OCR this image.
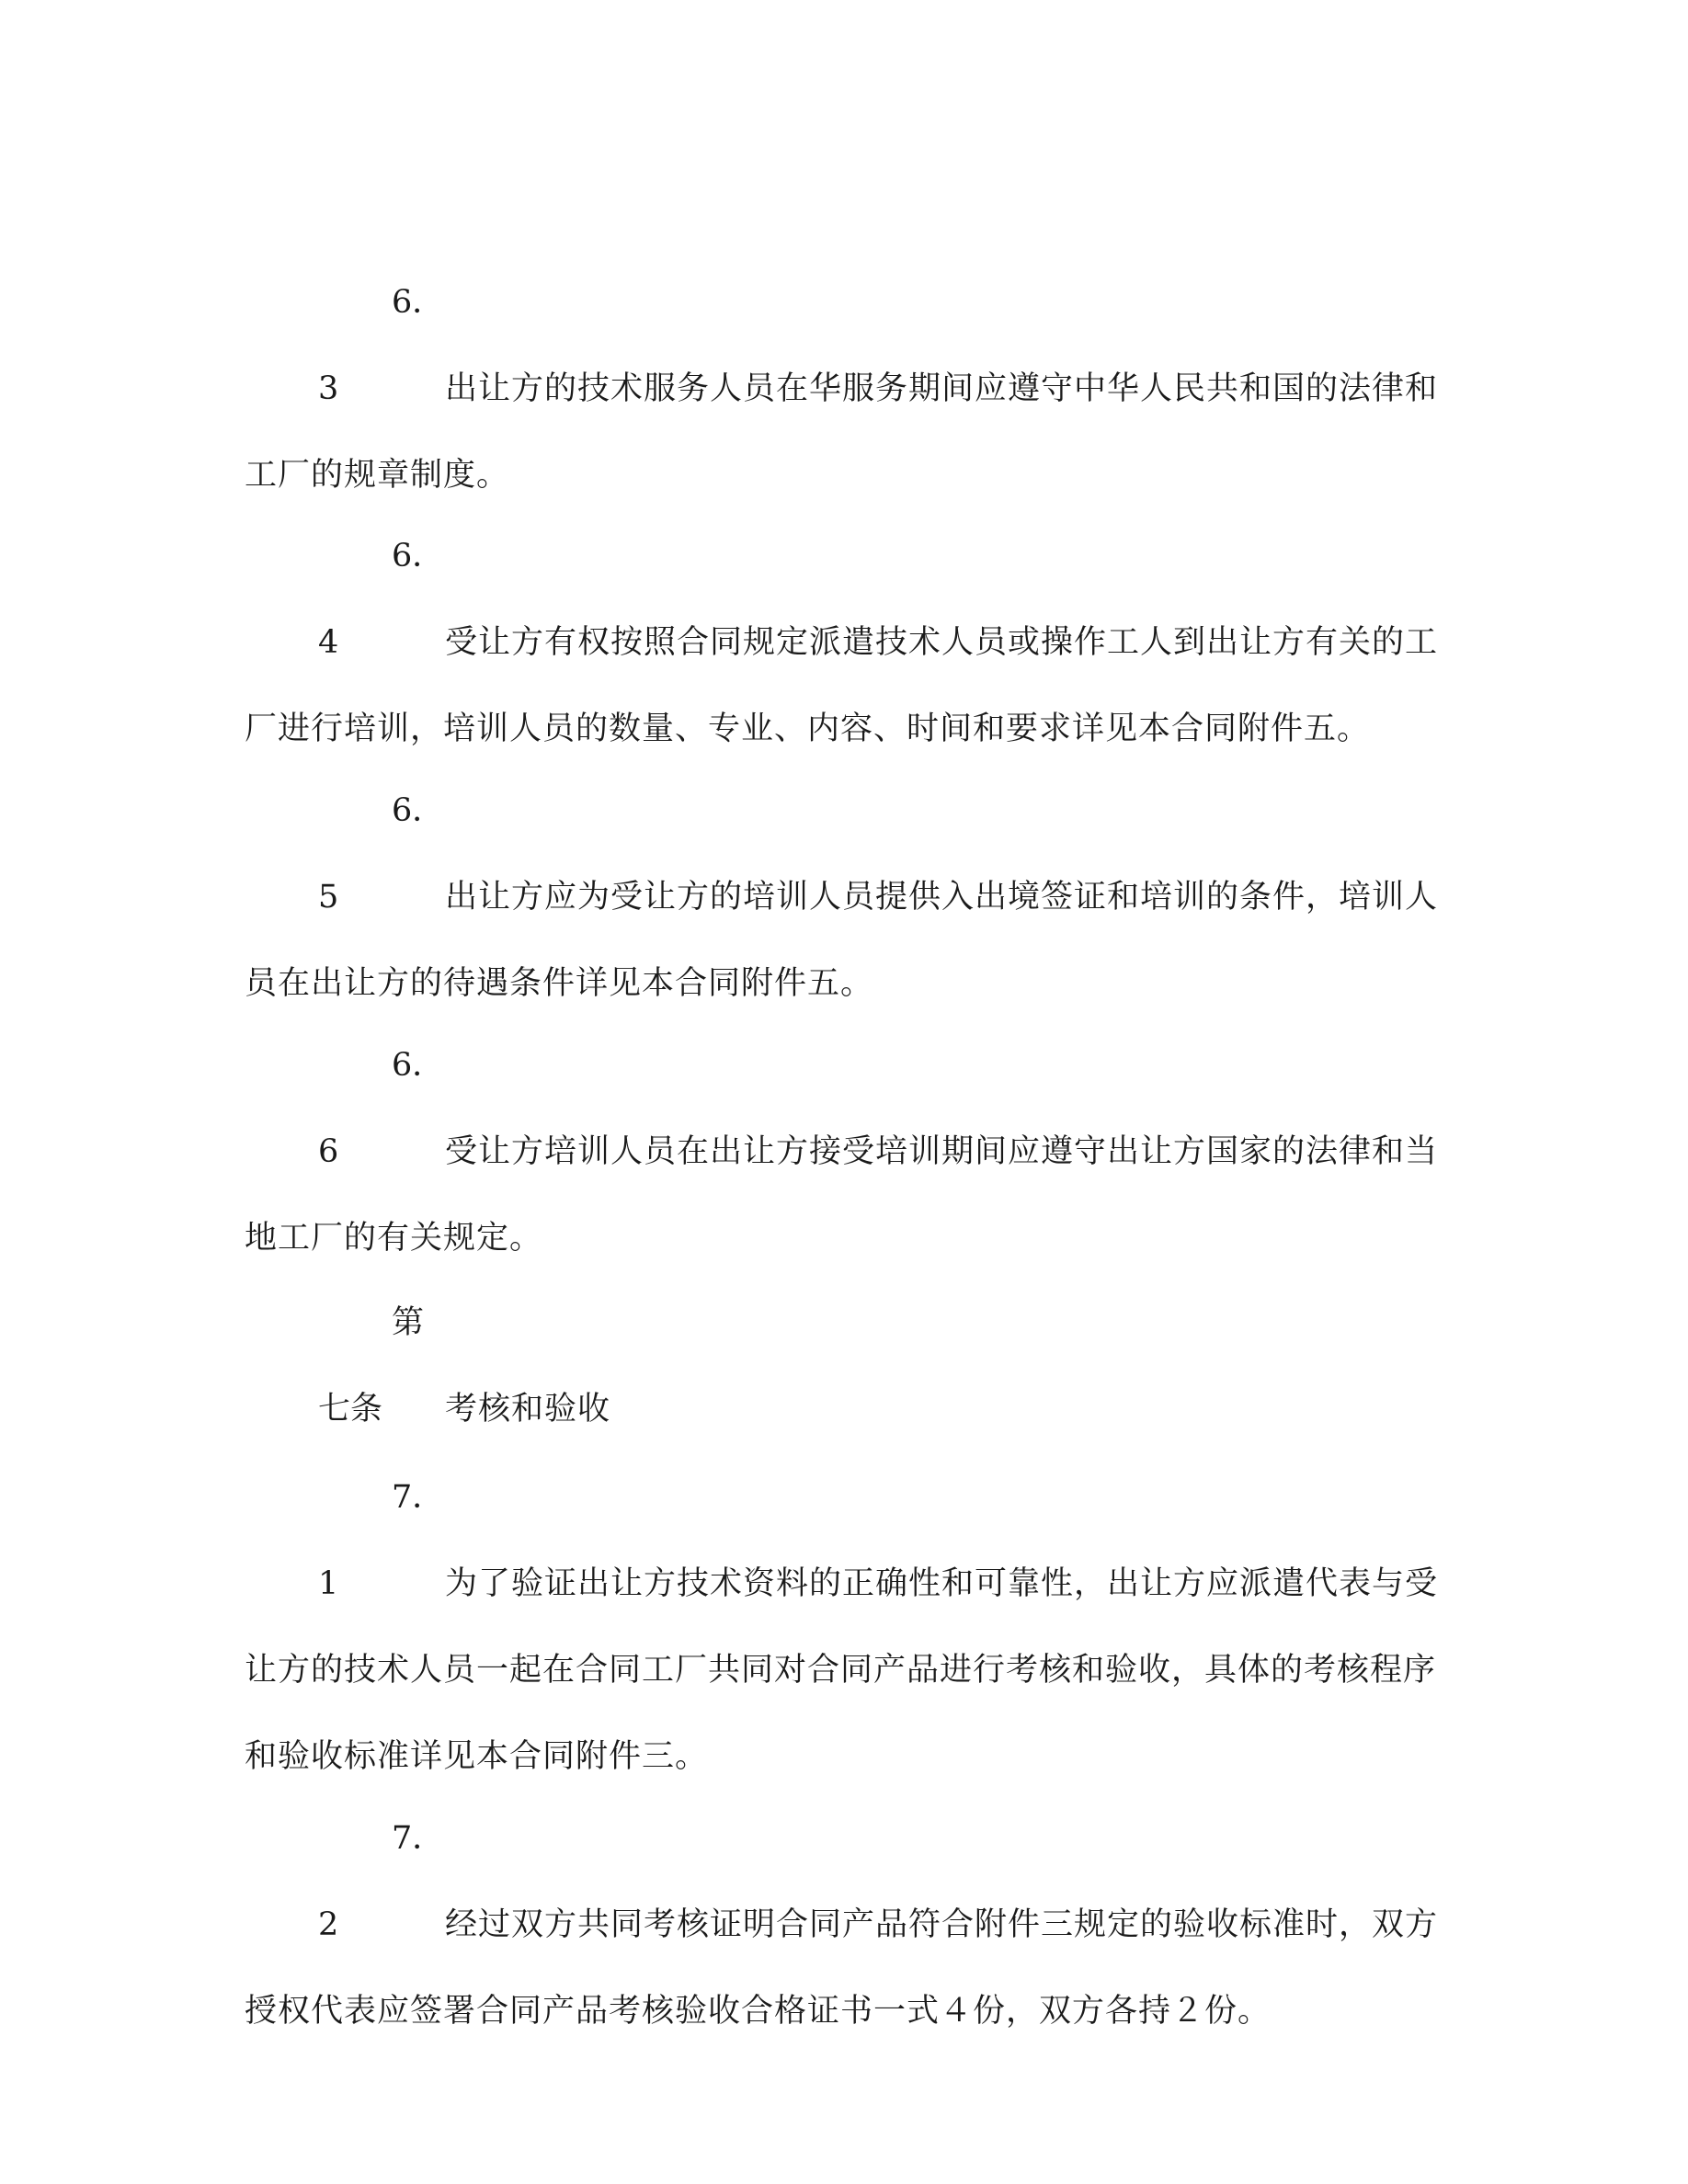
6．3	出让方的技术服务人员在华服务期间应遵守中华人民共和国的法律和
工厂的规章制度。

6．4	受让方有权按照合同规定派遣技术人员或操作工人到出让方有关的工
厂进行培训，培训人员的数量、专业、内容、时间和要求详见本合同附件五。

6．5	出让方应为受让方的培训人员提供入出境签证和培训的条件，培训人
员在出让方的待遇条件详见本合同附件五。

6．6	受让方培训人员在出让方接受培训期间应遵守出让方国家的法律和当
地工厂的有关规定。

第七条 考核和验收

7．1	为了验证出让方技术资料的正确性和可靠性，出让方应派遣代表与受
让方的技术人员一起在合同工厂共同对合同产品进行考核和验收，具体的考核程序
和验收标准详见本合同附件三。

7．2	经过双方共同考核证明合同产品符合附件三规定的验收标准时，双方
授权代表应签署合同产品考核验收合格证书一式４份，双方各持２份。
